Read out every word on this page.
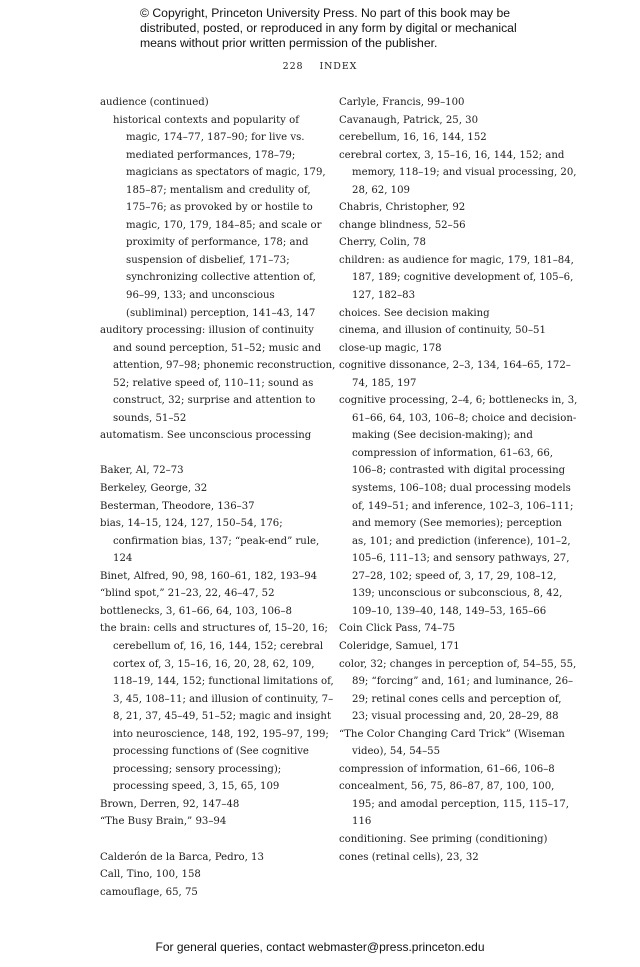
© Copyright, Princeton University Press. No part of this book may be
distributed, posted, or reproduced in any form by digital or mechanical
means without prior written permission of the publisher.
228 INDEX
audience (continued)
historical contexts and popularity of magic, 174–77, 187–90; for live vs. mediated performances, 178–79; magicians as spectators of magic, 179, 185–87; mentalism and credulity of, 175–76; as provoked by or hostile to magic, 170, 179, 184–85; and scale or proximity of performance, 178; and suspension of disbelief, 171–73; synchronizing collective attention of, 96–99, 133; and unconscious (subliminal) perception, 141–43, 147
auditory processing: illusion of continuity and sound perception, 51–52; music and attention, 97–98; phonemic reconstruction, 52; relative speed of, 110–11; sound as construct, 32; surprise and attention to sounds, 51–52
automatism. See unconscious processing
Baker, Al, 72–73
Berkeley, George, 32
Besterman, Theodore, 136–37
bias, 14–15, 124, 127, 150–54, 176; confirmation bias, 137; “peak-end” rule, 124
Binet, Alfred, 90, 98, 160–61, 182, 193–94
“blind spot,” 21–23, 22, 46–47, 52
bottlenecks, 3, 61–66, 64, 103, 106–8
the brain: cells and structures of, 15–20, 16; cerebellum of, 16, 16, 144, 152; cerebral cortex of, 3, 15–16, 16, 20, 28, 62, 109, 118–19, 144, 152; functional limitations of, 3, 45, 108–11; and illusion of continuity, 7–8, 21, 37, 45–49, 51–52; magic and insight into neuroscience, 148, 192, 195–97, 199; processing functions of (See cognitive processing; sensory processing); processing speed, 3, 15, 65, 109
Brown, Derren, 92, 147–48
“The Busy Brain,” 93–94
Calderón de la Barca, Pedro, 13
Call, Tino, 100, 158
camouflage, 65, 75
Carlyle, Francis, 99–100
Cavanaugh, Patrick, 25, 30
cerebellum, 16, 16, 144, 152
cerebral cortex, 3, 15–16, 16, 144, 152; and memory, 118–19; and visual processing, 20, 28, 62, 109
Chabris, Christopher, 92
change blindness, 52–56
Cherry, Colin, 78
children: as audience for magic, 179, 181–84, 187, 189; cognitive development of, 105–6, 127, 182–83
choices. See decision making
cinema, and illusion of continuity, 50–51
close-up magic, 178
cognitive dissonance, 2–3, 134, 164–65, 172–74, 185, 197
cognitive processing, 2–4, 6; bottlenecks in, 3, 61–66, 64, 103, 106–8; choice and decision-making (See decision-making); and compression of information, 61–63, 66, 106–8; contrasted with digital processing systems, 106–108; dual processing models of, 149–51; and inference, 102–3, 106–111; and memory (See memories); perception as, 101; and prediction (inference), 101–2, 105–6, 111–13; and sensory pathways, 27, 27–28, 102; speed of, 3, 17, 29, 108–12, 139; unconscious or subconscious, 8, 42, 109–10, 139–40, 148, 149–53, 165–66
Coin Click Pass, 74–75
Coleridge, Samuel, 171
color, 32; changes in perception of, 54–55, 55, 89; “forcing” and, 161; and luminance, 26–29; retinal cones cells and perception of, 23; visual processing and, 20, 28–29, 88
“The Color Changing Card Trick” (Wiseman video), 54, 54–55
compression of information, 61–66, 106–8
concealment, 56, 75, 86–87, 87, 100, 100, 195; and amodal perception, 115, 115–17, 116
conditioning. See priming (conditioning)
cones (retinal cells), 23, 32
For general queries, contact webmaster@press.princeton.edu
